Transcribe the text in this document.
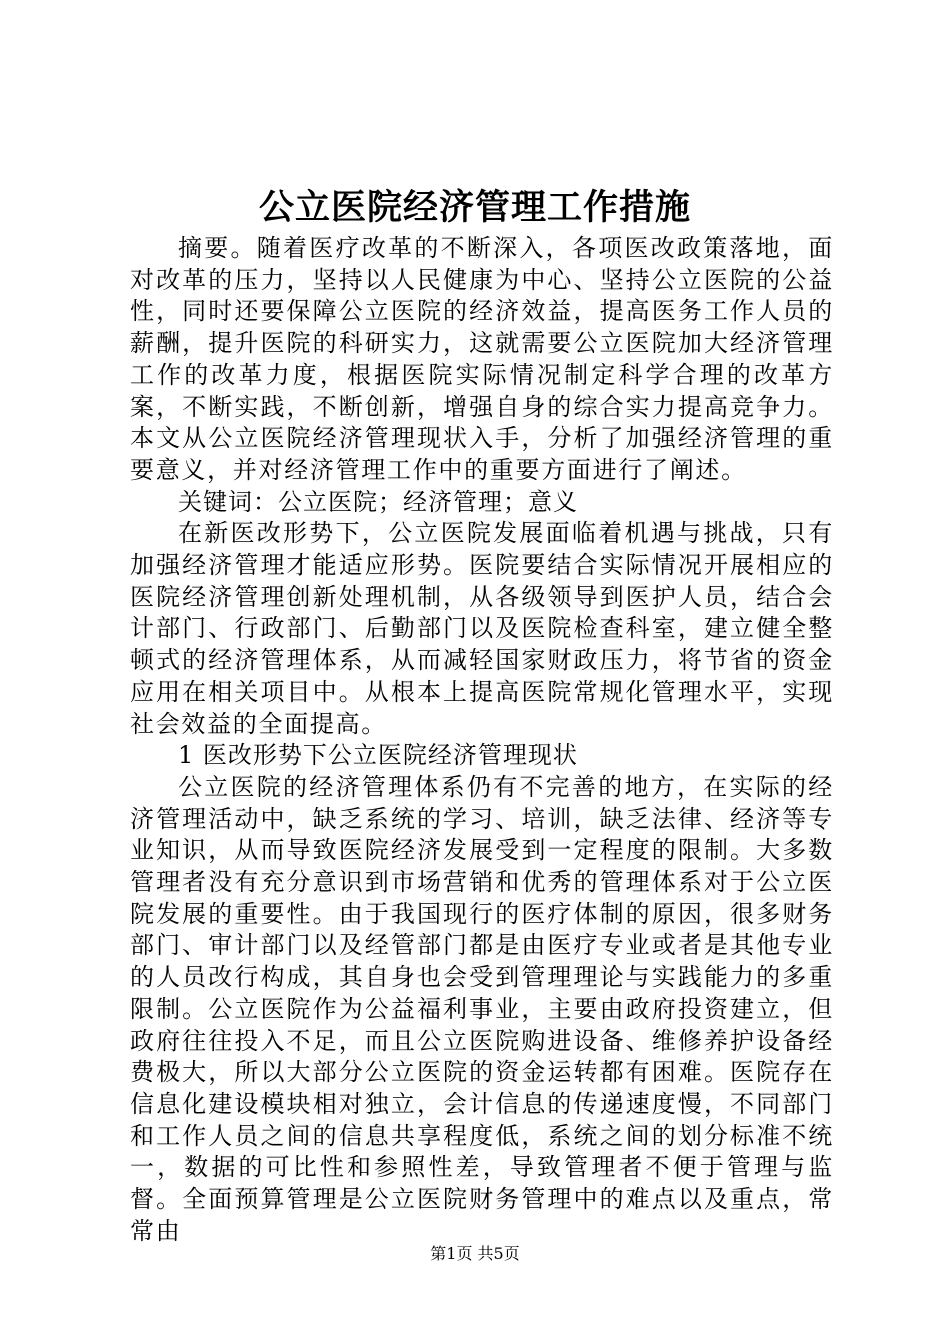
公立医院经济管理工作措施

摘要。随着医疗改革的不断深入，各项医改政策落地，面对改革的压力，坚持以人民健康为中心、坚持公立医院的公益性，同时还要保障公立医院的经济效益，提高医务工作人员的薪酬，提升医院的科研实力，这就需要公立医院加大经济管理工作的改革力度，根据医院实际情况制定科学合理的改革方案，不断实践，不断创新，增强自身的综合实力提高竞争力。本文从公立医院经济管理现状入手，分析了加强经济管理的重要意义，并对经济管理工作中的重要方面进行了阐述。

关键词：公立医院；经济管理；意义

在新医改形势下，公立医院发展面临着机遇与挑战，只有加强经济管理才能适应形势。医院要结合实际情况开展相应的医院经济管理创新处理机制，从各级领导到医护人员，结合会计部门、行政部门、后勤部门以及医院检查科室，建立健全整顿式的经济管理体系，从而减轻国家财政压力，将节省的资金应用在相关项目中。从根本上提高医院常规化管理水平，实现社会效益的全面提高。

1 医改形势下公立医院经济管理现状

公立医院的经济管理体系仍有不完善的地方，在实际的经济管理活动中，缺乏系统的学习、培训，缺乏法律、经济等专业知识，从而导致医院经济发展受到一定程度的限制。大多数管理者没有充分意识到市场营销和优秀的管理体系对于公立医院发展的重要性。由于我国现行的医疗体制的原因，很多财务部门、审计部门以及经管部门都是由医疗专业或者是其他专业的人员改行构成，其自身也会受到管理理论与实践能力的多重限制。公立医院作为公益福利事业，主要由政府投资建立，但政府往往投入不足，而且公立医院购进设备、维修养护设备经费极大，所以大部分公立医院的资金运转都有困难。医院存在信息化建设模块相对独立，会计信息的传递速度慢，不同部门和工作人员之间的信息共享程度低，系统之间的划分标准不统一，数据的可比性和参照性差，导致管理者不便于管理与监督。全面预算管理是公立医院财务管理中的难点以及重点，常常由

第1页 共5页
